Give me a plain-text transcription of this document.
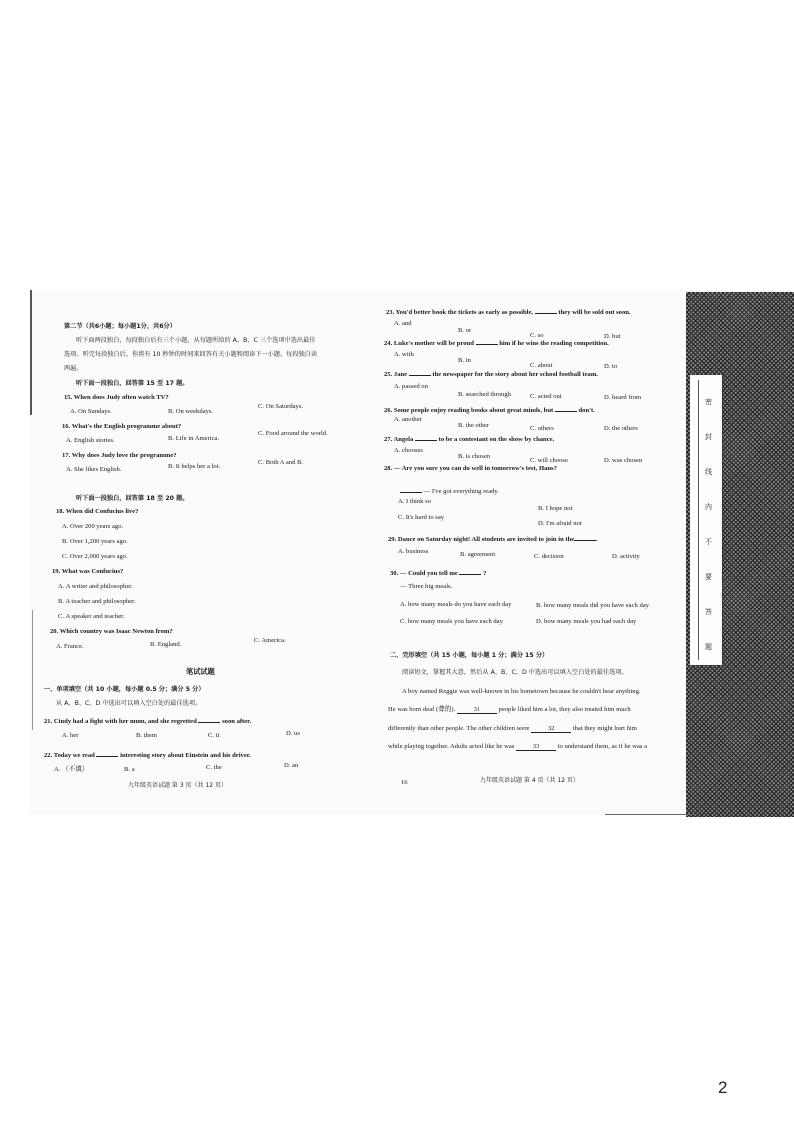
第二节（共6小题；每小题1分，共6分）
听下面两段独白，每段独白后有三个小题，从每题所给的 A、B、C 三个选项中选出最佳
选项。听完每段独白后，你将有 10 秒钟的时间来回答有关小题和阅读下一小题。每段独白读
两遍。
听下面一段独白，回答第 15 至 17 题。
15. When does Judy often watch TV?
A. On Sundays.	B. On weekdays.
C. On Saturdays.
16. What's the English programme about?
A. English stories.	B. Life in America.
C. Food around the world.
17. Why does Judy love the programme?
A. She likes English.	B. It helps her a lot.
C. Both A and B.
听下面一段独白，回答第 18 至 20 题。
18. When did Confucius live?
A. Over 200 years ago.
B. Over 1,200 years ago.
C. Over 2,000 years ago.
19. What was Confucius?
A. A writer and philosopher.
B. A teacher and philosopher.
C. A speaker and teacher.
20. Which country was Isaac Newton from?
A. France.	B. England.
C. America.
笔试试题
一、单项填空（共 10 小题，每小题 0.5 分；满分 5 分）
从 A、B、C、D 中选出可以填入空白处的最佳选项。
21. Cindy had a fight with her mum, and she regretted	soon after.
A. her	B. them	C. it	D. us
22. Today we read	interesting story about Einstein and his driver.
A. （不填）	B. a	C. the	D. an
九年级英语试题 第 3 页（共 12 页）
23. You'd better book the tickets as early as possible,	they will be sold out soon.
A. and
B. or
C. so	D. but
24. Luke's mother will be proud	him if he wins the reading competition.
A. with
B. in
C. about	D. to
25. Jane	the newspaper for the story about her school football team.
A. passed on
B. searched through	C. acted out	D. heard from
26. Some people enjoy reading books about great minds, but	don't.
A. another
B. the other	C. others	D. the others
27. Angela	to be a contestant on the show by chance.
A. chooses
B. is chosen
C. will choose	D. was chosen
28. — Are you sure you can do well in tomorrow's test, Hans?
— I've got everything ready.
A. I think so
B. I hope not
C. It's hard to say
D. I'm afraid not
29. Dance on Saturday night! All students are invited to join in the	.
A. business	B. agreement	C. decision	D. activity
30. — Could you tell me	?
— Three big meals.
A. how many meals do you have each day	B. how many meals did you have each day
C. how many meals you have each day	D. how many meals you had each day
二、完形填空（共 15 小题，每小题 1 分；满分 15 分）
阅读短文，掌握其大意，然后从 A、B、C、D 中选出可以填入空白处的最佳选项。
A boy named Reggie was well-known in his hometown because he couldn't hear anything.
He was born deaf (聋的).	31	people liked him a lot, they also treated him much
differently than other people. The other children were	32	that they might hurt him
while playing together. Adults acted like he was	33	to understand them, as if he was a
16	九年级英语试题 第 4 页（共 12 页）
密
封
线
内
不
要
答
题
2
